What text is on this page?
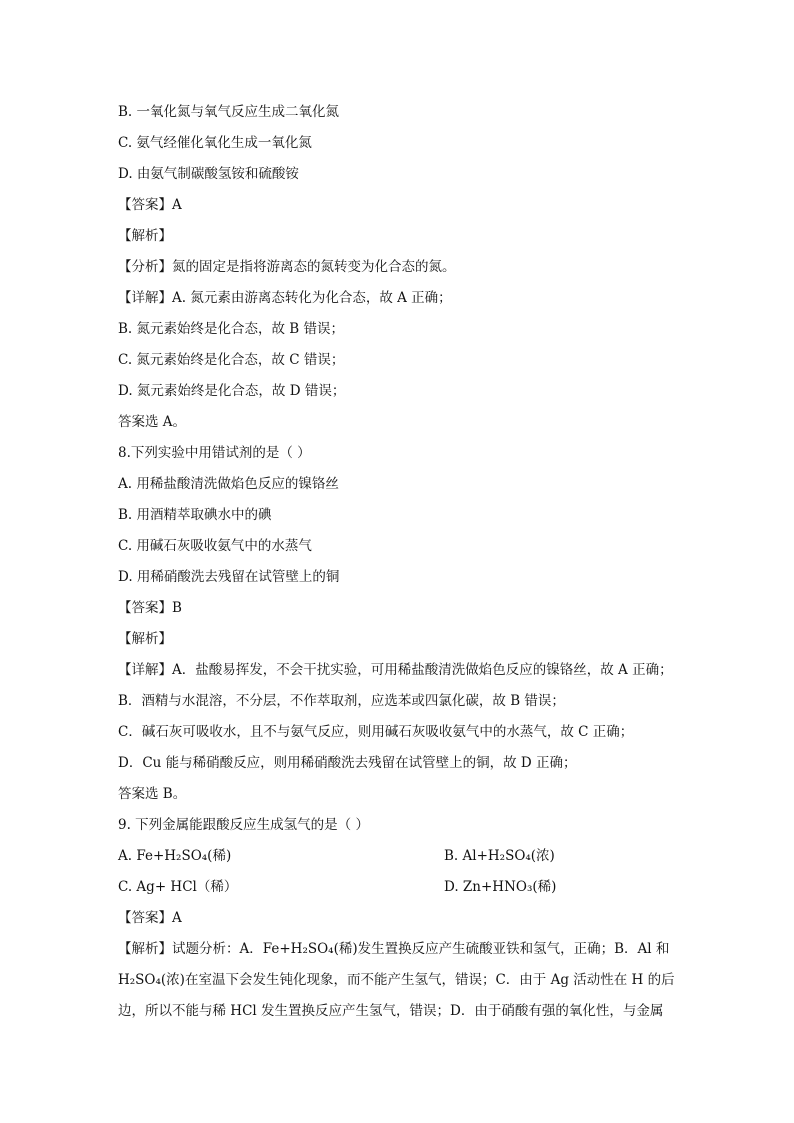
B. 一氧化氮与氧气反应生成二氧化氮
C. 氨气经催化氧化生成一氧化氮
D. 由氨气制碳酸氢铵和硫酸铵
【答案】A
【解析】
【分析】氮的固定是指将游离态的氮转变为化合态的氮。
【详解】A. 氮元素由游离态转化为化合态，故 A 正确；
B. 氮元素始终是化合态，故 B 错误；
C. 氮元素始终是化合态，故 C 错误；
D. 氮元素始终是化合态，故 D 错误；
答案选 A。
8.下列实验中用错试剂的是（ ）
A. 用稀盐酸清洗做焰色反应的镍铬丝
B. 用酒精萃取碘水中的碘
C. 用碱石灰吸收氨气中的水蒸气
D. 用稀硝酸洗去残留在试管壁上的铜
【答案】B
【解析】
【详解】A．盐酸易挥发，不会干扰实验，可用稀盐酸清洗做焰色反应的镍铬丝，故 A 正确；
B．酒精与水混溶，不分层，不作萃取剂，应选苯或四氯化碳，故 B 错误；
C．碱石灰可吸收水，且不与氨气反应，则用碱石灰吸收氨气中的水蒸气，故 C 正确；
D．Cu 能与稀硝酸反应，则用稀硝酸洗去残留在试管壁上的铜，故 D 正确；
答案选 B。
9. 下列金属能跟酸反应生成氢气的是（ ）
A. Fe+H₂SO₄(稀)	B. Al+H₂SO₄(浓)
C. Ag+ HCl（稀）	D. Zn+HNO₃(稀)
【答案】A
【解析】试题分析：A．Fe+H₂SO₄(稀)发生置换反应产生硫酸亚铁和氢气，正确；B．Al 和
H₂SO₄(浓)在室温下会发生钝化现象，而不能产生氢气，错误；C．由于 Ag 活动性在 H 的后
边，所以不能与稀 HCl 发生置换反应产生氢气，错误；D．由于硝酸有强的氧化性，与金属
